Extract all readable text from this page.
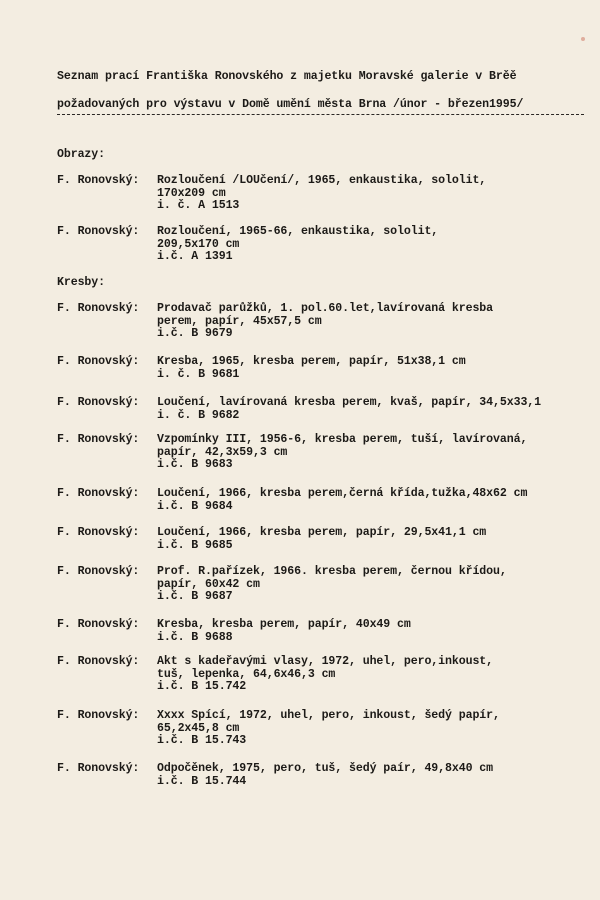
Seznam prací Františka Ronovského z majetku Moravské galerie v Brěě
požadovaných pro výstavu v Domě umění města Brna /únor - březen1995/
Obrazy:
F. Ronovský: Rozloučení /LOUčení/, 1965, enkaustika, sololit,
170x209 cm
i. č. A 1513
F. Ronovský: Rozloučení, 1965-66, enkaustika, sololit,
209,5x170 cm
i.č. A 1391
Kresby:
F. Ronovský: Prodavač parůžků, 1. pol.60.let,lavírovaná kresba
perem, papír, 45x57,5 cm
i.č. B 9679
F. Ronovský: Kresba, 1965, kresba perem, papír, 51x38,1 cm
i. č. B 9681
F. Ronovský: Loučení, lavírovaná kresba perem, kvaš, papír, 34,5x33,1
i. č. B 9682
F. Ronovský: Vzpomínky III, 1956-6, kresba perem, tuší, lavírovaná,
papír, 42,3x59,3 cm
i.č. B 9683
F. Ronovský: Loučení, 1966, kresba perem,černá křída,tužka,48x62 cm
i.č. B 9684
F. Ronovský: Loučení, 1966, kresba perem, papír, 29,5x41,1 cm
i.č. B 9685
F. Ronovský: Prof. R.pařízek, 1966. kresba perem, černou křídou,
papír, 60x42 cm
i.č. B 9687
F. Ronovský: Kresba, kresba perem, papír, 40x49 cm
i.č. B 9688
F. Ronovský: Akt s kadeřavými vlasy, 1972, uhel, pero,inkoust,
tuš, lepenka, 64,6x46,3 cm
i.č. B 15.742
F. Ronovský: Xxxx Spící, 1972, uhel, pero, inkoust, šedý papír,
65,2x45,8 cm
i.č. B 15.743
F. Ronovský: Odpočěnek, 1975, pero, tuš, šedý paír, 49,8x40 cm
i.č. B 15.744
